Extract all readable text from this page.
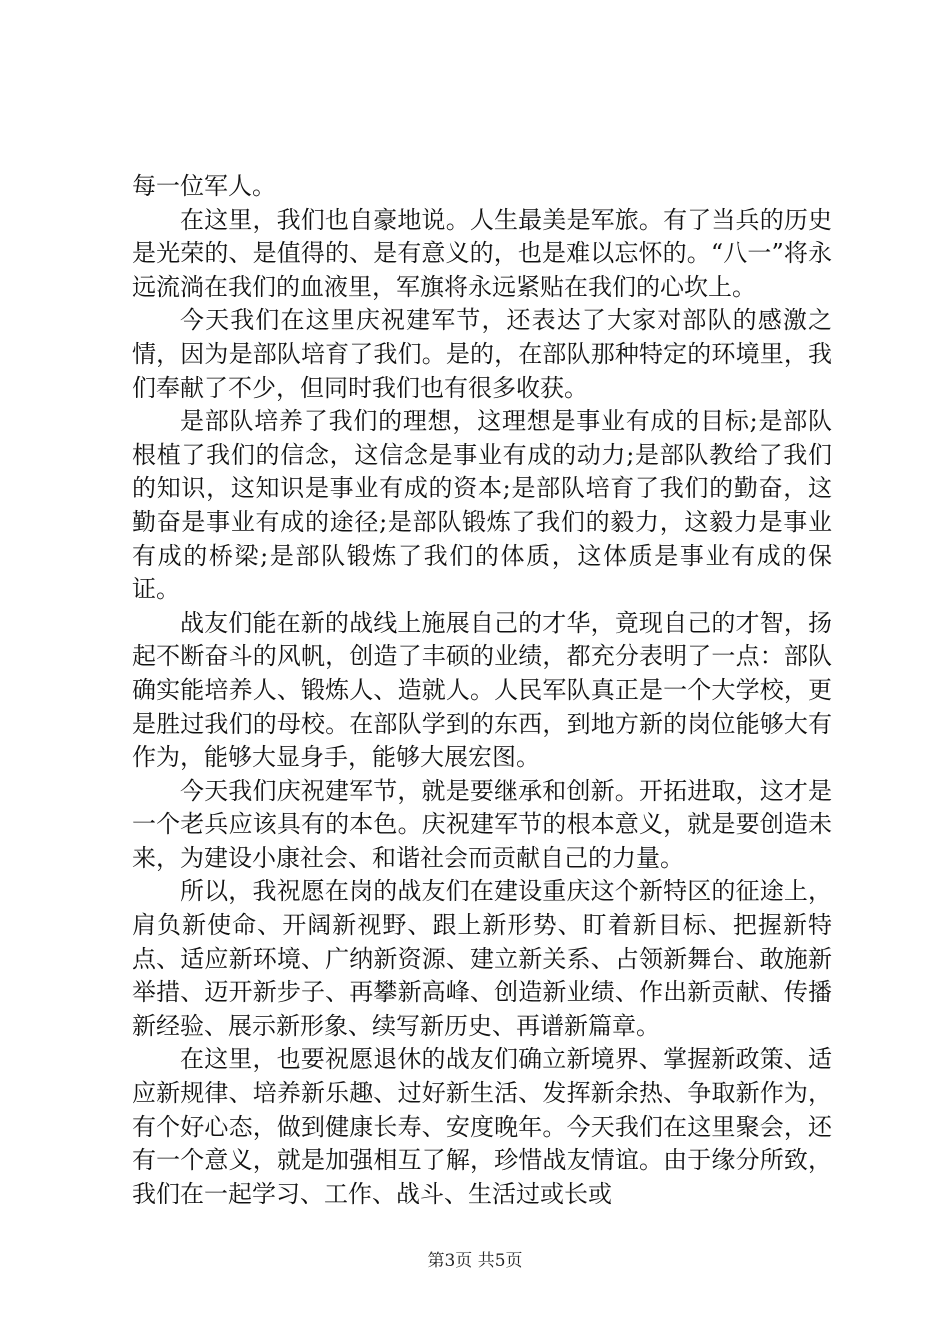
每一位军人。

在这里，我们也自豪地说。人生最美是军旅。有了当兵的历史是光荣的、是值得的、是有意义的，也是难以忘怀的。“八一”将永远流淌在我们的血液里，军旗将永远紧贴在我们的心坎上。

今天我们在这里庆祝建军节，还表达了大家对部队的感激之情，因为是部队培育了我们。是的，在部队那种特定的环境里，我们奉献了不少，但同时我们也有很多收获。

是部队培养了我们的理想，这理想是事业有成的目标;是部队根植了我们的信念，这信念是事业有成的动力;是部队教给了我们的知识，这知识是事业有成的资本;是部队培育了我们的勤奋，这勤奋是事业有成的途径;是部队锻炼了我们的毅力，这毅力是事业有成的桥梁;是部队锻炼了我们的体质，这体质是事业有成的保证。

战友们能在新的战线上施展自己的才华，竟现自己的才智，扬起不断奋斗的风帆，创造了丰硕的业绩，都充分表明了一点：部队确实能培养人、锻炼人、造就人。人民军队真正是一个大学校，更是胜过我们的母校。在部队学到的东西，到地方新的岗位能够大有作为，能够大显身手，能够大展宏图。

今天我们庆祝建军节，就是要继承和创新。开拓进取，这才是一个老兵应该具有的本色。庆祝建军节的根本意义，就是要创造未来，为建设小康社会、和谐社会而贡献自己的力量。

所以，我祝愿在岗的战友们在建设重庆这个新特区的征途上，肩负新使命、开阔新视野、跟上新形势、盯着新目标、把握新特点、适应新环境、广纳新资源、建立新关系、占领新舞台、敢施新举措、迈开新步子、再攀新高峰、创造新业绩、作出新贡献、传播新经验、展示新形象、续写新历史、再谱新篇章。

在这里，也要祝愿退休的战友们确立新境界、掌握新政策、适应新规律、培养新乐趣、过好新生活、发挥新余热、争取新作为，有个好心态，做到健康长寿、安度晚年。今天我们在这里聚会，还有一个意义，就是加强相互了解，珍惜战友情谊。由于缘分所致，我们在一起学习、工作、战斗、生活过或长或

第3页 共5页
